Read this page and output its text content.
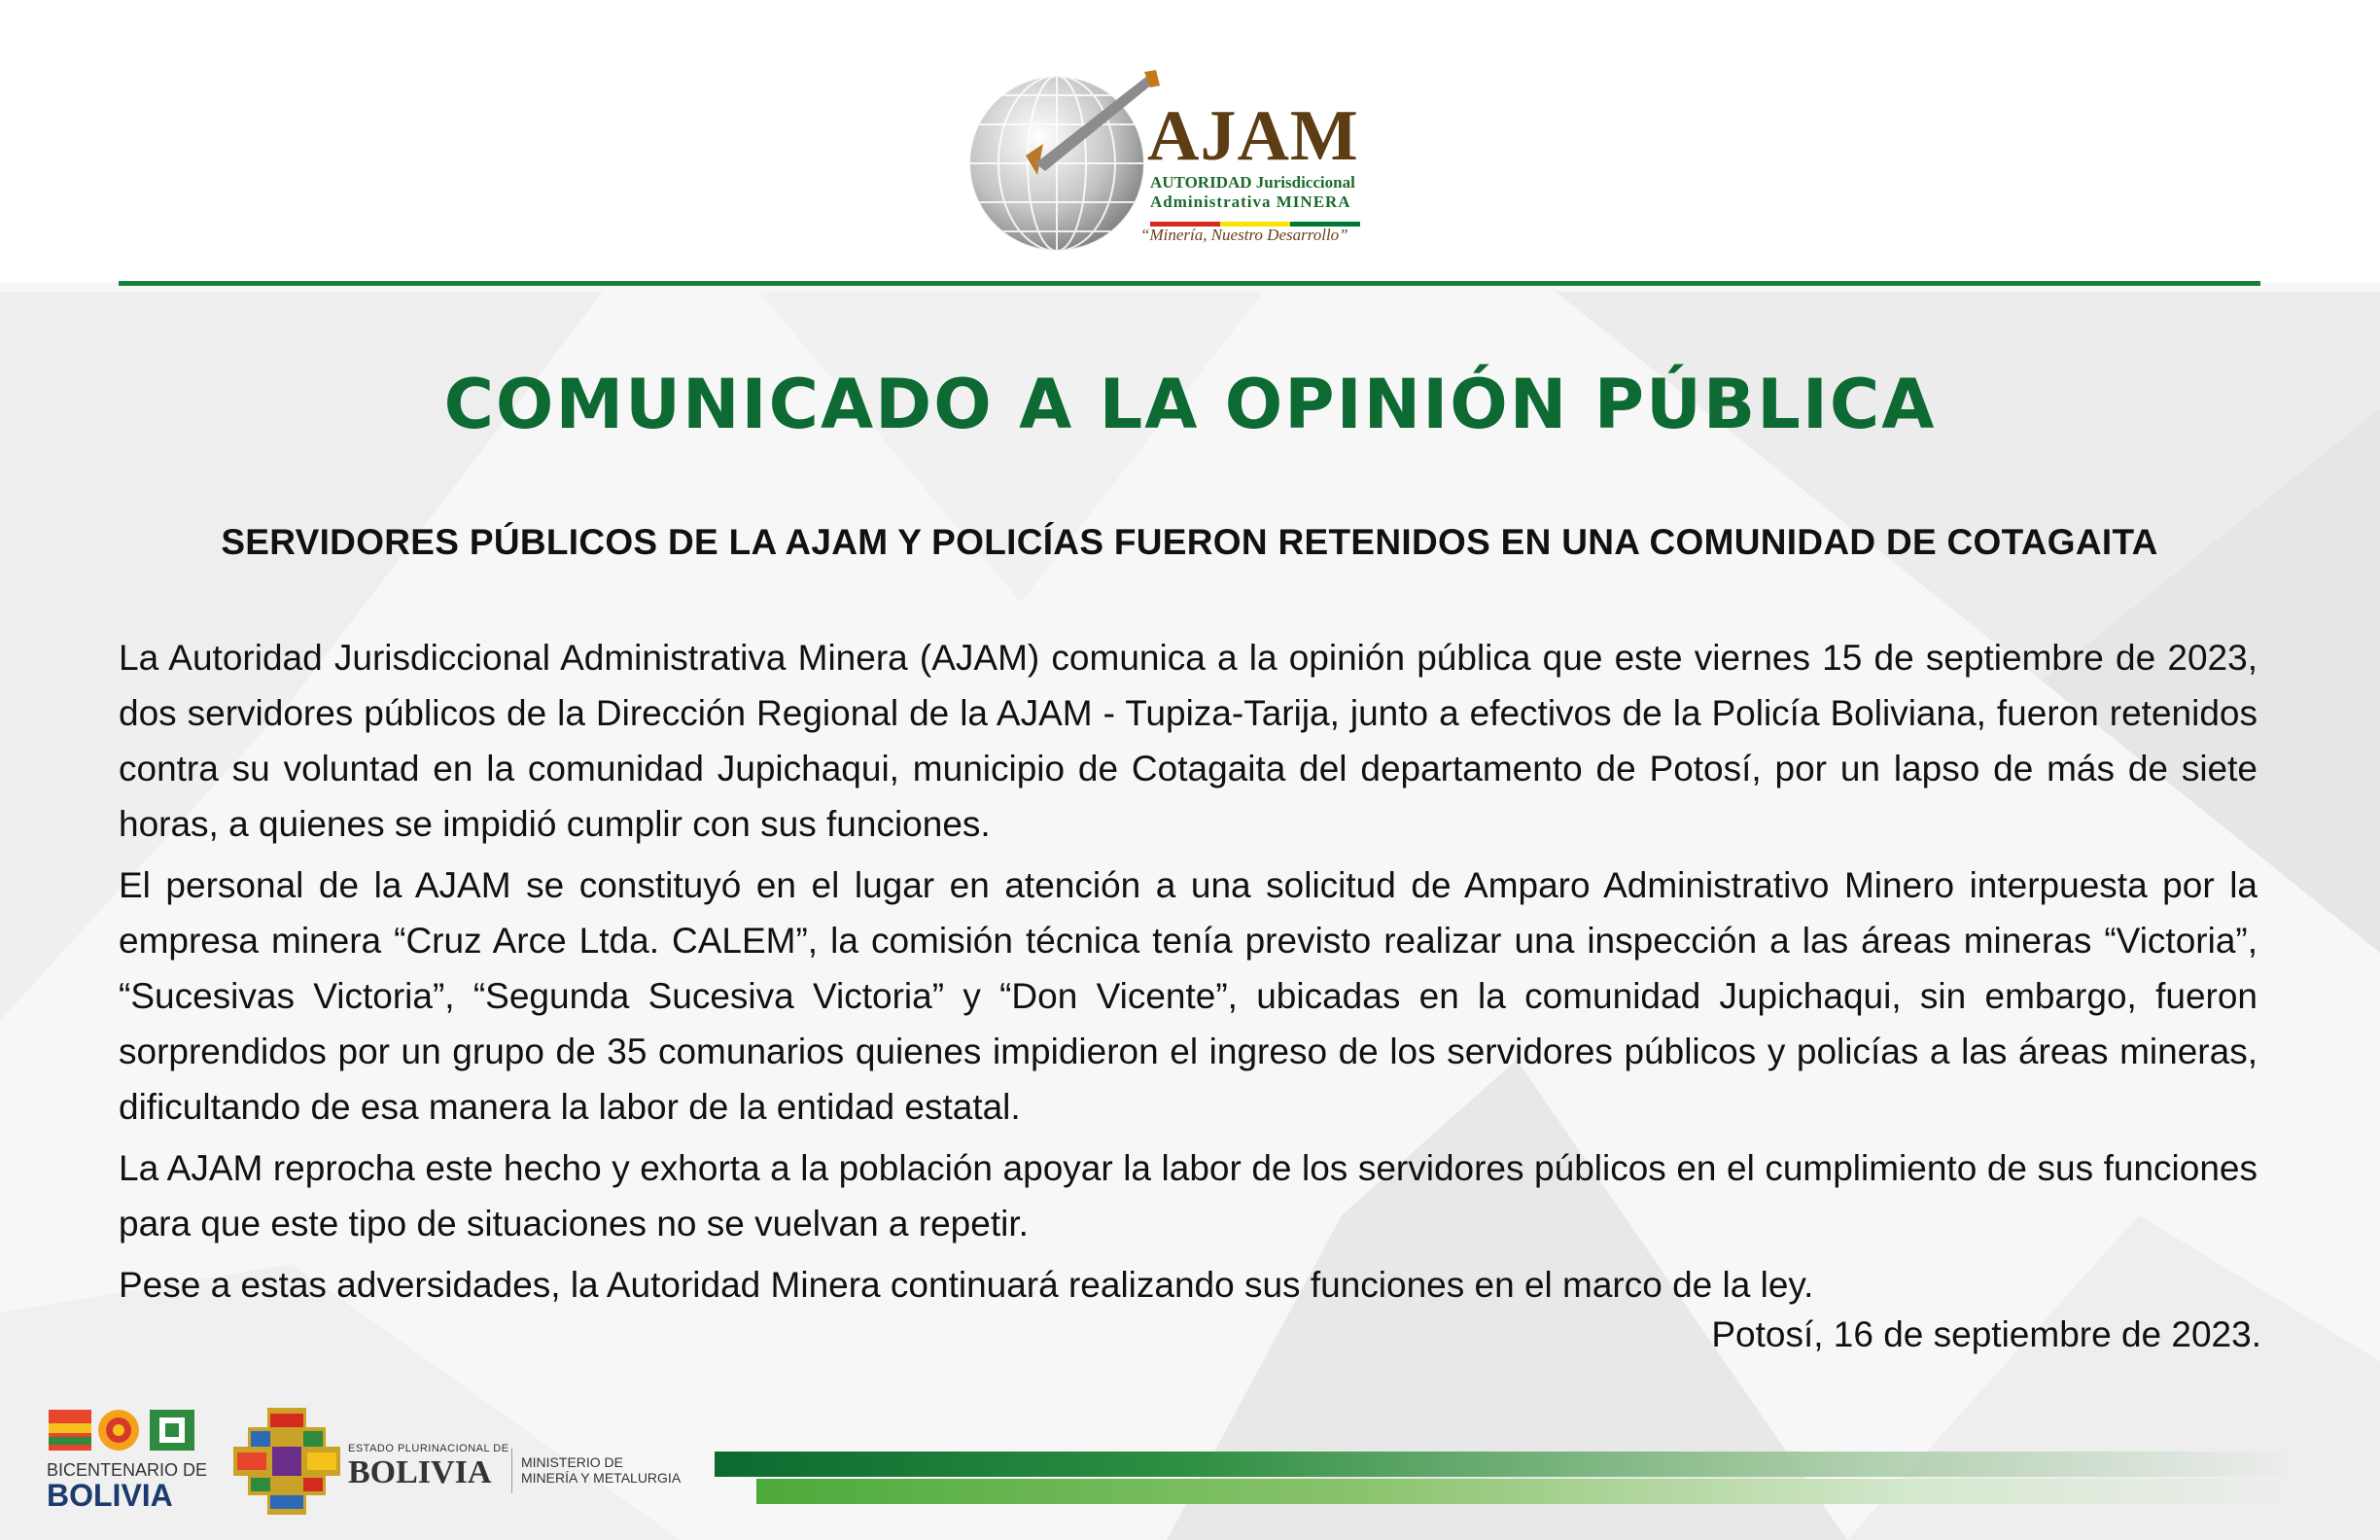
AJAM
AUTORIDAD Jurisdiccional
Administrativa MINERA
“Minería, Nuestro Desarrollo”
COMUNICADO A LA OPINIÓN PÚBLICA
SERVIDORES PÚBLICOS DE LA AJAM Y POLICÍAS FUERON RETENIDOS EN UNA COMUNIDAD DE COTAGAITA

La Autoridad Jurisdiccional Administrativa Minera (AJAM) comunica a la opinión pública que este viernes 15 de septiembre de 2023, dos servidores públicos de la Dirección Regional de la AJAM - Tupiza-Tarija, junto a efectivos de la Policía Boliviana, fueron retenidos contra su voluntad en la comunidad Jupichaqui, municipio de Cotagaita del departamento de Potosí, por un lapso de más de siete horas, a quienes se impidió cumplir con sus funciones.

El personal de la AJAM se constituyó en el lugar en atención a una solicitud de Amparo Administrativo Minero interpuesta por la empresa minera “Cruz Arce Ltda. CALEM”, la comisión técnica tenía previsto realizar una inspección a las áreas mineras “Victoria”, “Sucesivas Victoria”, “Segunda Sucesiva Victoria” y “Don Vicente”, ubicadas en la comunidad Jupichaqui, sin embargo, fueron sorprendidos por un grupo de 35 comunarios quienes impidieron el ingreso de los servidores públicos y policías a las áreas mineras, dificultando de esa manera la labor de la entidad estatal.

La AJAM reprocha este hecho y exhorta a la población apoyar la labor de los servidores públicos en el cumplimiento de sus funciones para que este tipo de situaciones no se vuelvan a repetir.

Pese a estas adversidades, la Autoridad Minera continuará realizando sus funciones en el marco de la ley.

Potosí, 16 de septiembre de 2023.
BICENTENARIO DE
BOLIVIA
ESTADO PLURINACIONAL DE
BOLIVIA MINISTERIO DE
MINERÍA Y METALURGIA
